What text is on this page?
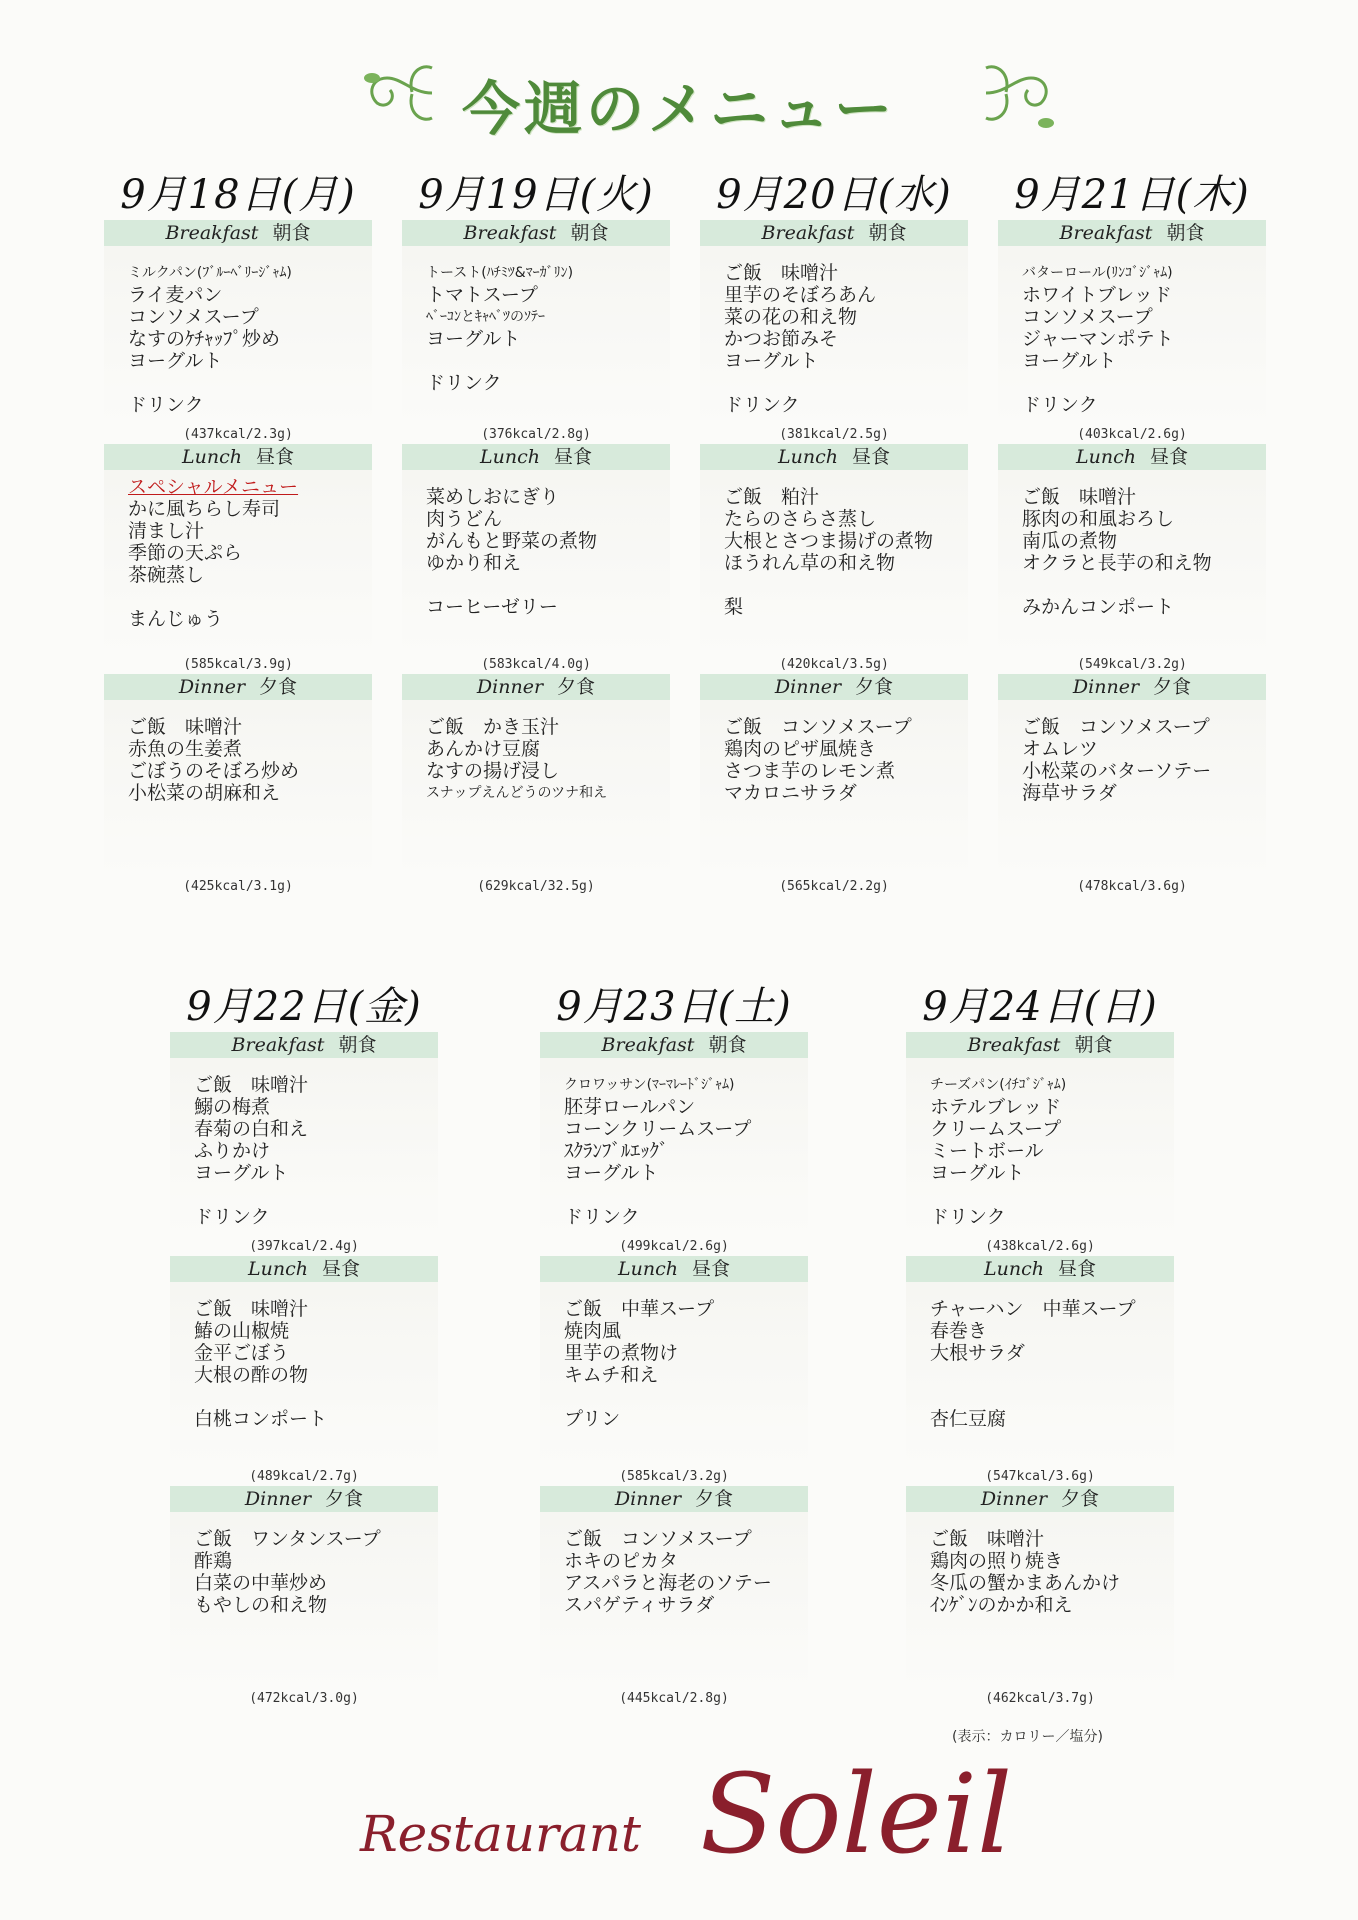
今週のメニュー
9月18日(月)
Breakfast 朝食
ミルクパン(ﾌﾞﾙｰﾍﾞﾘｰｼﾞｬﾑ)
ライ麦パン
コンソメスープ
なすのｹﾁｬｯﾌﾟ炒め
ヨーグルト
ドリンク
(437kcal/2.3g)
Lunch 昼食
スペシャルメニュー
かに風ちらし寿司
清まし汁
季節の天ぷら
茶碗蒸し
まんじゅう
(585kcal/3.9g)
Dinner 夕食
ご飯　味噌汁
赤魚の生姜煮
ごぼうのそぼろ炒め
小松菜の胡麻和え
(425kcal/3.1g)
9月19日(火)
Breakfast 朝食
トースト(ﾊﾁﾐﾂ&ﾏｰｶﾞﾘﾝ)
トマトスープ
ﾍﾞｰｺﾝとｷｬﾍﾞﾂのｿﾃｰ
ヨーグルト
ドリンク
(376kcal/2.8g)
Lunch 昼食
菜めしおにぎり
肉うどん
がんもと野菜の煮物
ゆかり和え
コーヒーゼリー
(583kcal/4.0g)
Dinner 夕食
ご飯　かき玉汁
あんかけ豆腐
なすの揚げ浸し
スナップえんどうのツナ和え
(629kcal/32.5g)
9月20日(水)
Breakfast 朝食
ご飯　味噌汁
里芋のそぼろあん
菜の花の和え物
かつお節みそ
ヨーグルト
ドリンク
(381kcal/2.5g)
Lunch 昼食
ご飯　粕汁
たらのさらさ蒸し
大根とさつま揚げの煮物
ほうれん草の和え物
梨
(420kcal/3.5g)
Dinner 夕食
ご飯　コンソメスープ
鶏肉のピザ風焼き
さつま芋のレモン煮
マカロニサラダ
(565kcal/2.2g)
9月21日(木)
Breakfast 朝食
バターロール(ﾘﾝｺﾞｼﾞｬﾑ)
ホワイトブレッド
コンソメスープ
ジャーマンポテト
ヨーグルト
ドリンク
(403kcal/2.6g)
Lunch 昼食
ご飯　味噌汁
豚肉の和風おろし
南瓜の煮物
オクラと長芋の和え物
みかんコンポート
(549kcal/3.2g)
Dinner 夕食
ご飯　コンソメスープ
オムレツ
小松菜のバターソテー
海草サラダ
(478kcal/3.6g)
9月22日(金)
Breakfast 朝食
ご飯　味噌汁
鰯の梅煮
春菊の白和え
ふりかけ
ヨーグルト
ドリンク
(397kcal/2.4g)
Lunch 昼食
ご飯　味噌汁
鰆の山椒焼
金平ごぼう
大根の酢の物
白桃コンポート
(489kcal/2.7g)
Dinner 夕食
ご飯　ワンタンスープ
酢鶏
白菜の中華炒め
もやしの和え物
(472kcal/3.0g)
9月23日(土)
Breakfast 朝食
クロワッサン(ﾏｰﾏﾚｰﾄﾞｼﾞｬﾑ)
胚芽ロールパン
コーンクリームスープ
ｽｸﾗﾝﾌﾞﾙｴｯｸﾞ
ヨーグルト
ドリンク
(499kcal/2.6g)
Lunch 昼食
ご飯　中華スープ
焼肉風
里芋の煮物け
キムチ和え
プリン
(585kcal/3.2g)
Dinner 夕食
ご飯　コンソメスープ
ホキのピカタ
アスパラと海老のソテー
スパゲティサラダ
(445kcal/2.8g)
9月24日(日)
Breakfast 朝食
チーズパン(ｲﾁｺﾞｼﾞｬﾑ)
ホテルブレッド
クリームスープ
ミートボール
ヨーグルト
ドリンク
(438kcal/2.6g)
Lunch 昼食
チャーハン　中華スープ
春巻き
大根サラダ
杏仁豆腐
(547kcal/3.6g)
Dinner 夕食
ご飯　味噌汁
鶏肉の照り焼き
冬瓜の蟹かまあんかけ
ｲﾝｹﾞﾝのかか和え
(462kcal/3.7g)
(表示：カロリー／塩分)
Restaurant Soleil
